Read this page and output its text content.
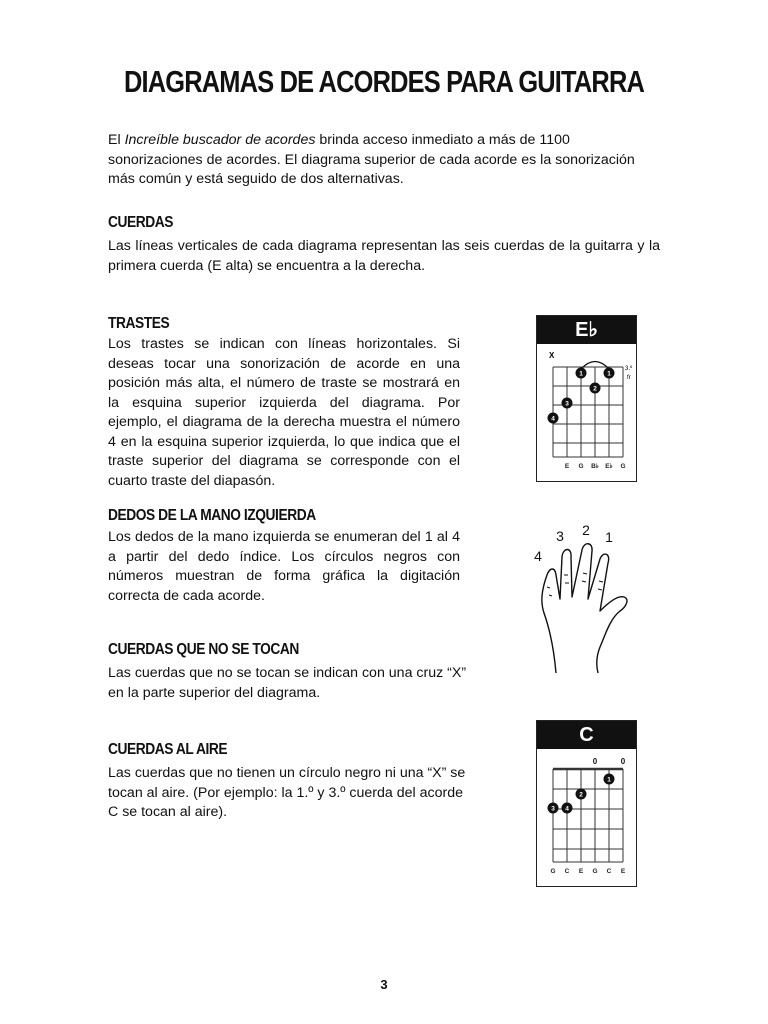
DIAGRAMAS DE ACORDES PARA GUITARRA
El Increíble buscador de acordes brinda acceso inmediato a más de 1100 sonorizaciones de acordes. El diagrama superior de cada acorde es la sonorización más común y está seguido de dos alternativas.
CUERDAS
Las líneas verticales de cada diagrama representan las seis cuerdas de la guitarra y la primera cuerda (E alta) se encuentra a la derecha.
TRASTES
Los trastes se indican con líneas horizontales. Si deseas tocar una sonorización de acorde en una posición más alta, el número de traste se mostrará en la esquina superior izquierda del diagrama. Por ejemplo, el diagrama de la derecha muestra el número 4 en la esquina superior izquierda, lo que indica que el traste superior del diagrama se corresponde con el cuarto traste del diapasón.
DEDOS DE LA MANO IZQUIERDA
Los dedos de la mano izquierda se enumeran del 1 al 4 a partir del dedo índice. Los círculos negros con números muestran de forma gráfica la digitación correcta de cada acorde.
CUERDAS QUE NO SE TOCAN
Las cuerdas que no se tocan se indican con una cruz “X” en la parte superior del diagrama.
CUERDAS AL AIRE
Las cuerdas que no tienen un círculo negro ni una “X” se tocan al aire. (Por ejemplo: la 1.º y 3.º cuerda del acorde C se tocan al aire).
E♭
X
3.º
fr
1	1
2
3
4
E G B♭ E♭ G
4
3 2 1
C
0	0
1
2
3 4
G C E G C E
3
